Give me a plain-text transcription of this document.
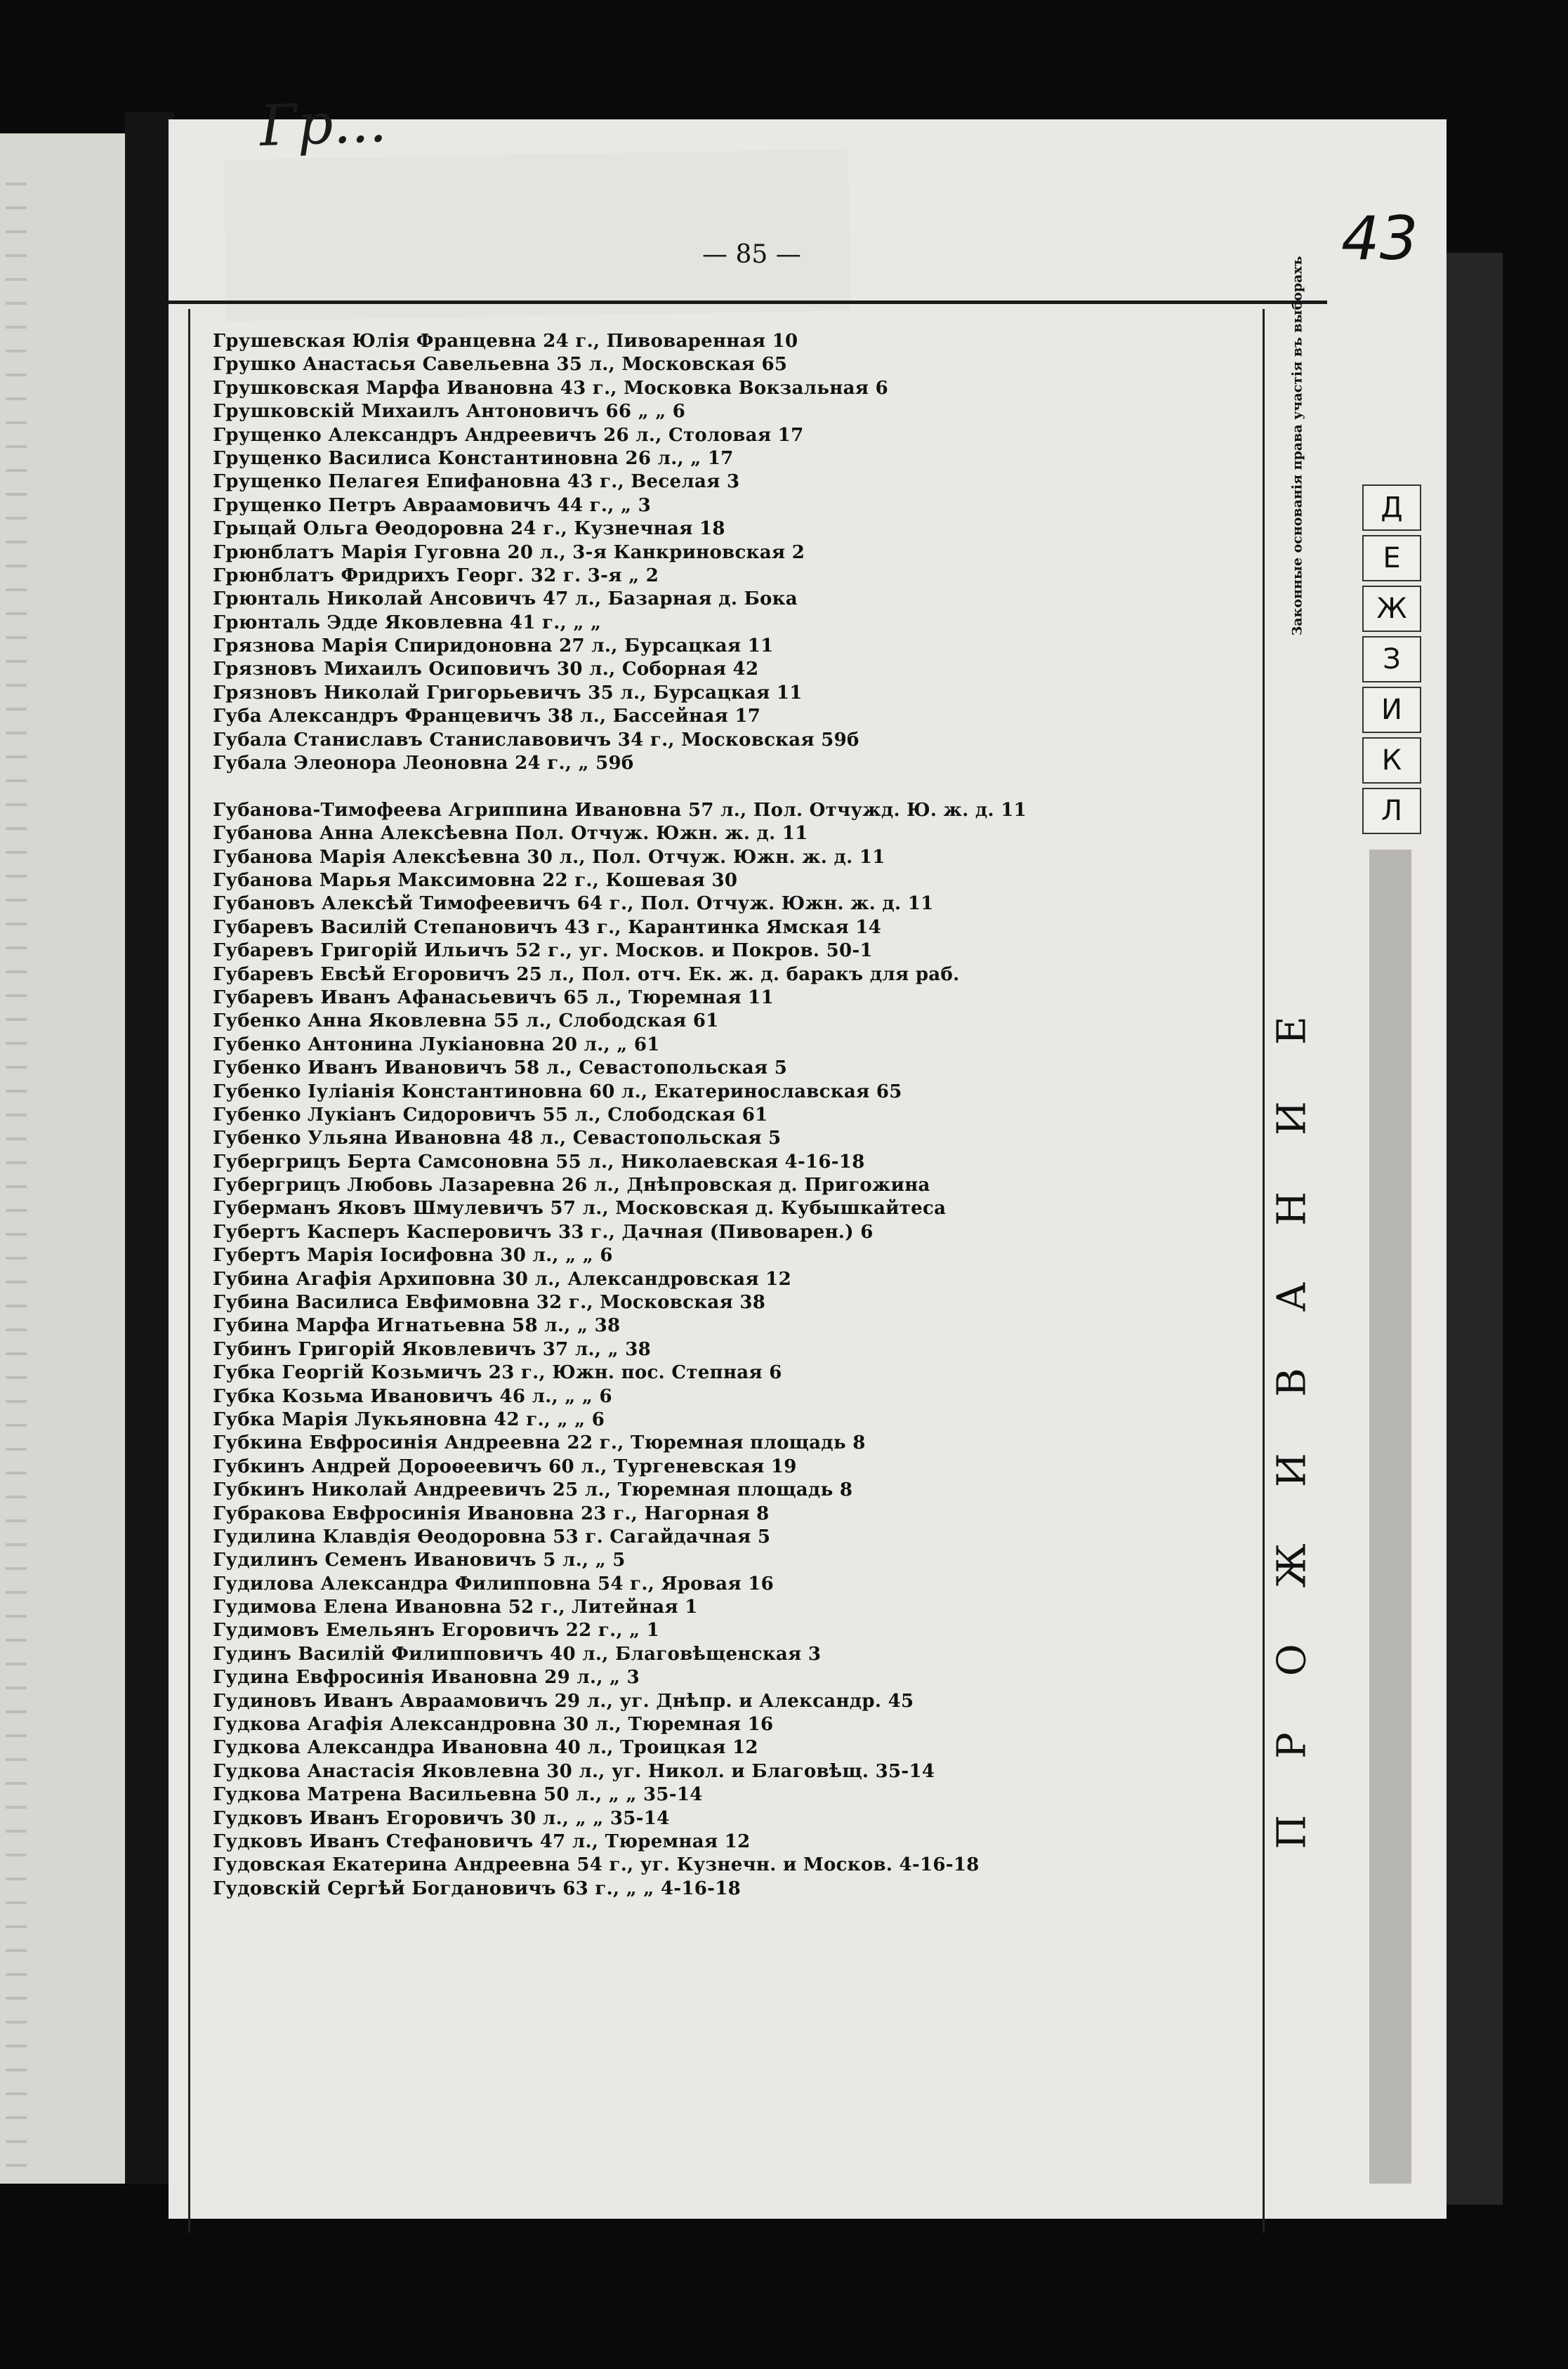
Гр...
— 85 —	43
Законные основанія права участія въ выборахъ
ПРОЖИВАНИЕ
Д
Е
Ж
З
И
К
Л
Грушевская Юлія Францевна 24 г., Пивоваренная 10
Грушко Анастасья Савельевна 35 л., Московская 65
Грушковская Марфа Ивановна 43 г., Московка Вокзальная 6
Грушковскій Михаилъ Антоновичъ 66 „ „ 6
Грущенко Александръ Андреевичъ 26 л., Столовая 17
Грущенко Василиса Константиновна 26 л., „ 17
Грущенко Пелагея Епифановна 43 г., Веселая 3
Грущенко Петръ Авраамовичъ 44 г., „ 3
Грыцай Ольга Өеодоровна 24 г., Кузнечная 18
Грюнблатъ Марія Гуговна 20 л., 3-я Канкриновская 2
Грюнблатъ Фридрихъ Георг. 32 г. 3-я „ 2
Грюнталь Николай Ансовичъ 47 л., Базарная д. Бока
Грюнталь Эдде Яковлевна 41 г., „ „
Грязнова Марія Спиридоновна 27 л., Бурсацкая 11
Грязновъ Михаилъ Осиповичъ 30 л., Соборная 42
Грязновъ Николай Григорьевичъ 35 л., Бурсацкая 11
Губа Александръ Францевичъ 38 л., Бассейная 17
Губала Станиславъ Станиславовичъ 34 г., Московская 59б
Губала Элеонора Леоновна 24 г., „ 59б
Губанова-Тимофеева Агриппина Ивановна 57 л., Пол. Отчужд. Ю. ж. д. 11
Губанова Анна Алексѣевна Пол. Отчуж. Южн. ж. д. 11
Губанова Марія Алексѣевна 30 л., Пол. Отчуж. Южн. ж. д. 11
Губанова Марья Максимовна 22 г., Кошевая 30
Губановъ Алексѣй Тимофеевичъ 64 г., Пол. Отчуж. Южн. ж. д. 11
Губаревъ Василій Степановичъ 43 г., Карантинка Ямская 14
Губаревъ Григорій Ильичъ 52 г., уг. Москов. и Покров. 50-1
Губаревъ Евсѣй Егоровичъ 25 л., Пол. отч. Ек. ж. д. баракъ для раб.
Губаревъ Иванъ Афанасьевичъ 65 л., Тюремная 11
Губенко Анна Яковлевна 55 л., Слободская 61
Губенко Антонина Лукіановна 20 л., „ 61
Губенко Иванъ Ивановичъ 58 л., Севастопольская 5
Губенко Іуліанія Константиновна 60 л., Екатеринославская 65
Губенко Лукіанъ Сидоровичъ 55 л., Слободская 61
Губенко Ульяна Ивановна 48 л., Севастопольская 5
Губергрицъ Берта Самсоновна 55 л., Николаевская 4-16-18
Губергрицъ Любовь Лазаревна 26 л., Днѣпровская д. Пригожина
Губерманъ Яковъ Шмулевичъ 57 л., Московская д. Кубышкайтеса
Губертъ Касперъ Касперовичъ 33 г., Дачная (Пивоварен.) 6
Губертъ Марія Іосифовна 30 л., „ „ 6
Губина Агафія Архиповна 30 л., Александровская 12
Губина Василиса Евфимовна 32 г., Московская 38
Губина Марфа Игнатьевна 58 л., „ 38
Губинъ Григорій Яковлевичъ 37 л., „ 38
Губка Георгій Козьмичъ 23 г., Южн. пос. Степная 6
Губка Козьма Ивановичъ 46 л., „ „ 6
Губка Марія Лукьяновна 42 г., „ „ 6
Губкина Евфросинія Андреевна 22 г., Тюремная площадь 8
Губкинъ Андрей Дороѳеевичъ 60 л., Тургеневская 19
Губкинъ Николай Андреевичъ 25 л., Тюремная площадь 8
Губракова Евфросинія Ивановна 23 г., Нагорная 8
Гудилина Клавдія Өеодоровна 53 г. Сагайдачная 5
Гудилинъ Семенъ Ивановичъ 5 л., „ 5
Гудилова Александра Филипповна 54 г., Яровая 16
Гудимова Елена Ивановна 52 г., Литейная 1
Гудимовъ Емельянъ Егоровичъ 22 г., „ 1
Гудинъ Василій Филипповичъ 40 л., Благовѣщенская 3
Гудина Евфросинія Ивановна 29 л., „ 3
Гудиновъ Иванъ Авраамовичъ 29 л., уг. Днѣпр. и Александр. 45
Гудкова Агафія Александровна 30 л., Тюремная 16
Гудкова Александра Ивановна 40 л., Троицкая 12
Гудкова Анастасія Яковлевна 30 л., уг. Никол. и Благовѣщ. 35-14
Гудкова Матрена Васильевна 50 л., „ „ 35-14
Гудковъ Иванъ Егоровичъ 30 л., „ „ 35-14
Гудковъ Иванъ Стефановичъ 47 л., Тюремная 12
Гудовская Екатерина Андреевна 54 г., уг. Кузнечн. и Москов. 4-16-18
Гудовскій Сергѣй Богдановичъ 63 г., „ „ 4-16-18
